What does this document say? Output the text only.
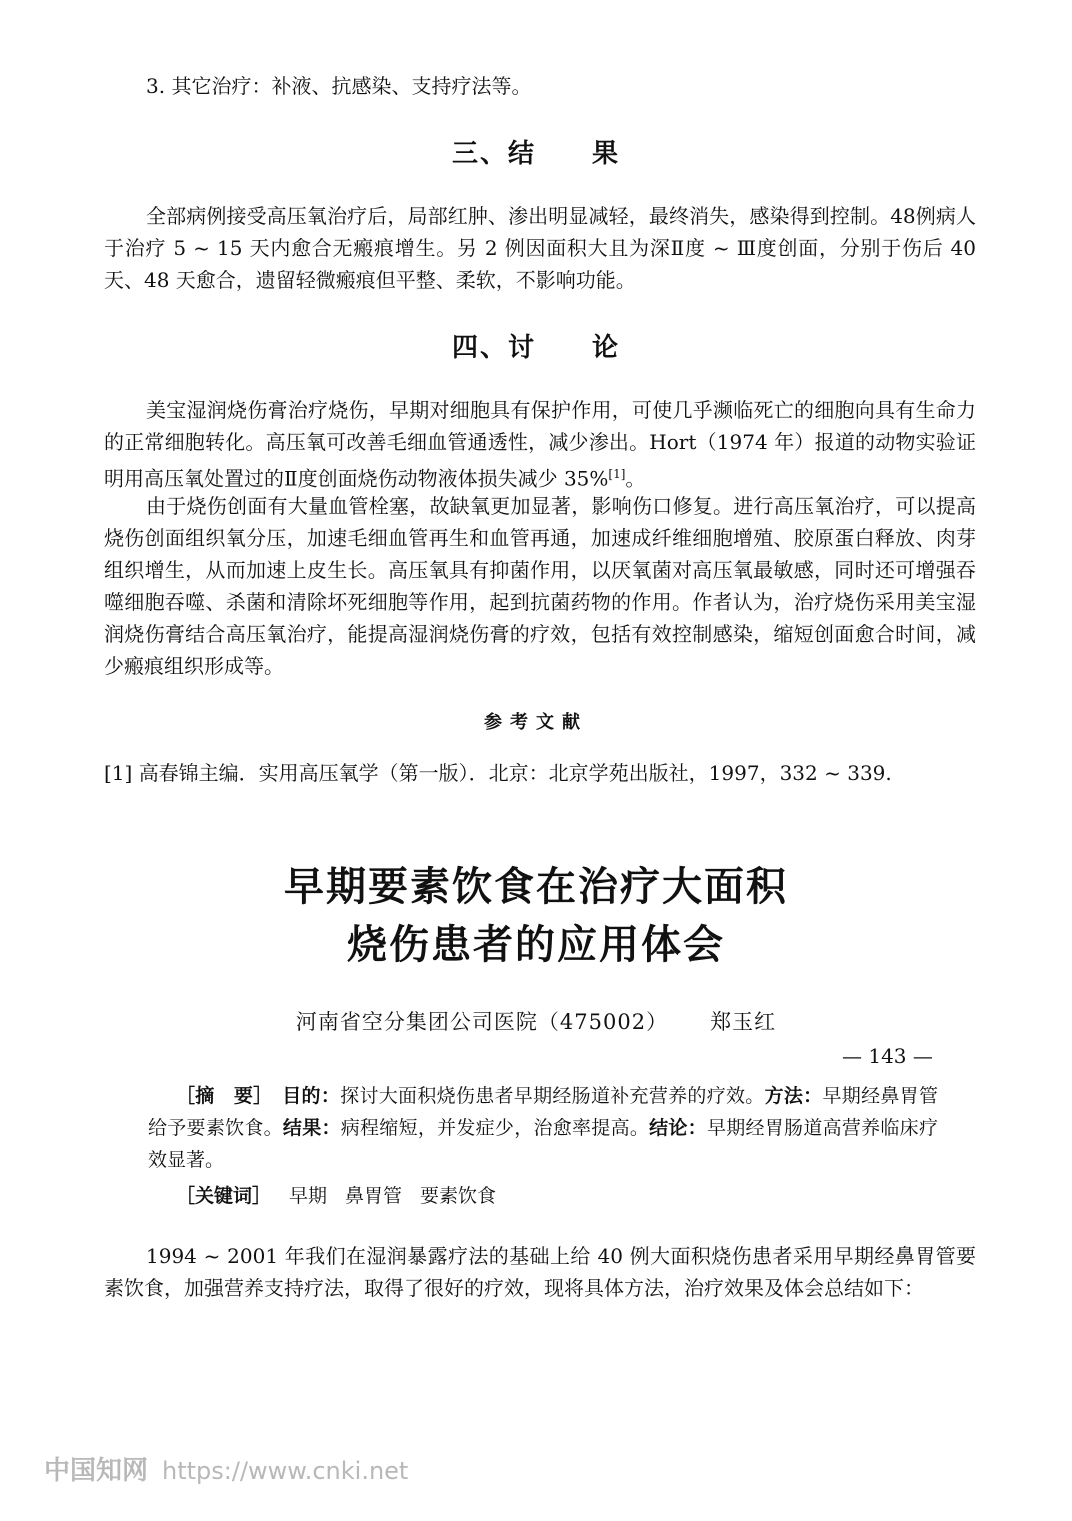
3. 其它治疗：补液、抗感染、支持疗法等。

三、结　　果

全部病例接受高压氧治疗后，局部红肿、渗出明显减轻，最终消失，感染得到控制。48例病人于治疗 5 ~ 15 天内愈合无瘢痕增生。另 2 例因面积大且为深Ⅱ度 ~ Ⅲ度创面，分别于伤后 40 天、48 天愈合，遗留轻微瘢痕但平整、柔软，不影响功能。

四、讨　　论

美宝湿润烧伤膏治疗烧伤，早期对细胞具有保护作用，可使几乎濒临死亡的细胞向具有生命力的正常细胞转化。高压氧可改善毛细血管通透性，减少渗出。Hort（1974 年）报道的动物实验证明用高压氧处置过的Ⅱ度创面烧伤动物液体损失减少 35%[1]。

由于烧伤创面有大量血管栓塞，故缺氧更加显著，影响伤口修复。进行高压氧治疗，可以提高烧伤创面组织氧分压，加速毛细血管再生和血管再通，加速成纤维细胞增殖、胶原蛋白释放、肉芽组织增生，从而加速上皮生长。高压氧具有抑菌作用，以厌氧菌对高压氧最敏感，同时还可增强吞噬细胞吞噬、杀菌和清除坏死细胞等作用，起到抗菌药物的作用。作者认为，治疗烧伤采用美宝湿润烧伤膏结合高压氧治疗，能提高湿润烧伤膏的疗效，包括有效控制感染，缩短创面愈合时间，减少瘢痕组织形成等。

参考文献

[1] 高春锦主编．实用高压氧学（第一版）．北京：北京学苑出版社，1997，332 ~ 339.

早期要素饮食在治疗大面积
烧伤患者的应用体会

河南省空分集团公司医院（475002） 郑玉红

［摘　要］　 目的：探讨大面积烧伤患者早期经肠道补充营养的疗效。方法：早期经鼻胃管给予要素饮食。结果：病程缩短，并发症少，治愈率提高。结论：早期经胃肠道高营养临床疗效显著。

［关键词］ 早期 鼻胃管 要素饮食

1994 ~ 2001 年我们在湿润暴露疗法的基础上给 40 例大面积烧伤患者采用早期经鼻胃管要素饮食，加强营养支持疗法，取得了很好的疗效，现将具体方法，治疗效果及体会总结如下：

— 143 —

中国知网 https://www.cnki.net
